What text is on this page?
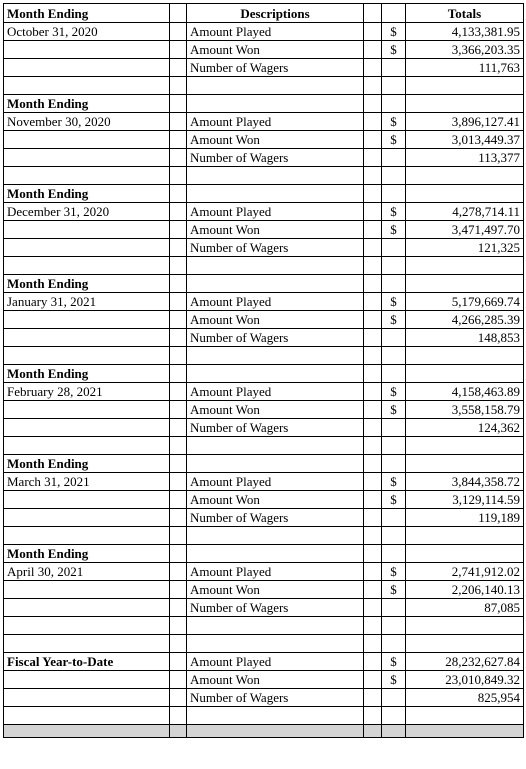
Month Ending		Descriptions			Totals
October 31, 2020		Amount Played		$	4,133,381.95
		Amount Won		$	3,366,203.35
		Number of Wagers			111,763

Month Ending					
November 30, 2020		Amount Played		$	3,896,127.41
		Amount Won		$	3,013,449.37
		Number of Wagers			113,377

Month Ending					
December 31, 2020		Amount Played		$	4,278,714.11
		Amount Won		$	3,471,497.70
		Number of Wagers			121,325

Month Ending					
January 31, 2021		Amount Played		$	5,179,669.74
		Amount Won		$	4,266,285.39
		Number of Wagers			148,853

Month Ending					
February 28, 2021		Amount Played		$	4,158,463.89
		Amount Won		$	3,558,158.79
		Number of Wagers			124,362

Month Ending					
March 31, 2021		Amount Played		$	3,844,358.72
		Amount Won		$	3,129,114.59
		Number of Wagers			119,189

Month Ending					
April 30, 2021		Amount Played		$	2,741,912.02
		Amount Won		$	2,206,140.13
		Number of Wagers			87,085

Fiscal Year-to-Date		Amount Played		$	28,232,627.84
		Amount Won		$	23,010,849.32
		Number of Wagers			825,954
